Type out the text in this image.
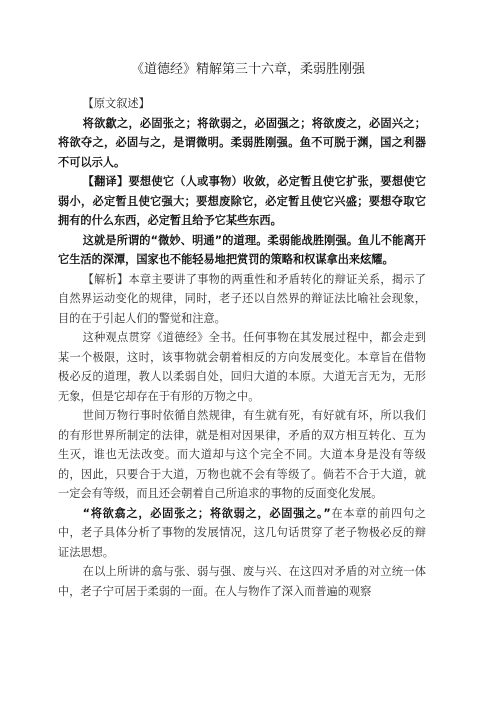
《道德经》精解第三十六章，柔弱胜刚强

【原文叙述】

将欲歙之，必固张之；将欲弱之，必固强之；将欲废之，必固兴之；将欲夺之，必固与之，是谓微明。柔弱胜刚强。鱼不可脱于渊，国之利器不可以示人。

【翻译】要想使它（人或事物）收敛，必定暂且使它扩张，要想使它弱小，必定暂且使它强大；要想废除它，必定暂且使它兴盛；要想夺取它拥有的什么东西，必定暂且给予它某些东西。

这就是所谓的“微妙、明通”的道理。柔弱能战胜刚强。鱼儿不能离开它生活的深潭，国家也不能轻易地把赏罚的策略和权谋拿出来炫耀。

【解析】本章主要讲了事物的两重性和矛盾转化的辩证关系，揭示了自然界运动变化的规律，同时，老子还以自然界的辩证法比喻社会现象，目的在于引起人们的警觉和注意。

这种观点贯穿《道德经》全书。任何事物在其发展过程中，都会走到某一个极限，这时，该事物就会朝着相反的方向发展变化。本章旨在借物极必反的道理，教人以柔弱自处，回归大道的本原。大道无言无为，无形无象，但是它却存在于有形的万物之中。

世间万物行事时依循自然规律，有生就有死，有好就有坏，所以我们的有形世界所制定的法律，就是相对因果律，矛盾的双方相互转化、互为生灭，谁也无法改变。而大道却与这个完全不同。大道本身是没有等级的，因此，只要合于大道，万物也就不会有等级了。倘若不合于大道，就一定会有等级，而且还会朝着自己所追求的事物的反面变化发展。

“将欲翕之，必固张之；将欲弱之，必固强之。”在本章的前四句之中，老子具体分析了事物的发展情况，这几句话贯穿了老子物极必反的辩证法思想。

在以上所讲的翕与张、弱与强、废与兴、在这四对矛盾的对立统一体中，老子宁可居于柔弱的一面。在人与物作了深入而普遍的观察
